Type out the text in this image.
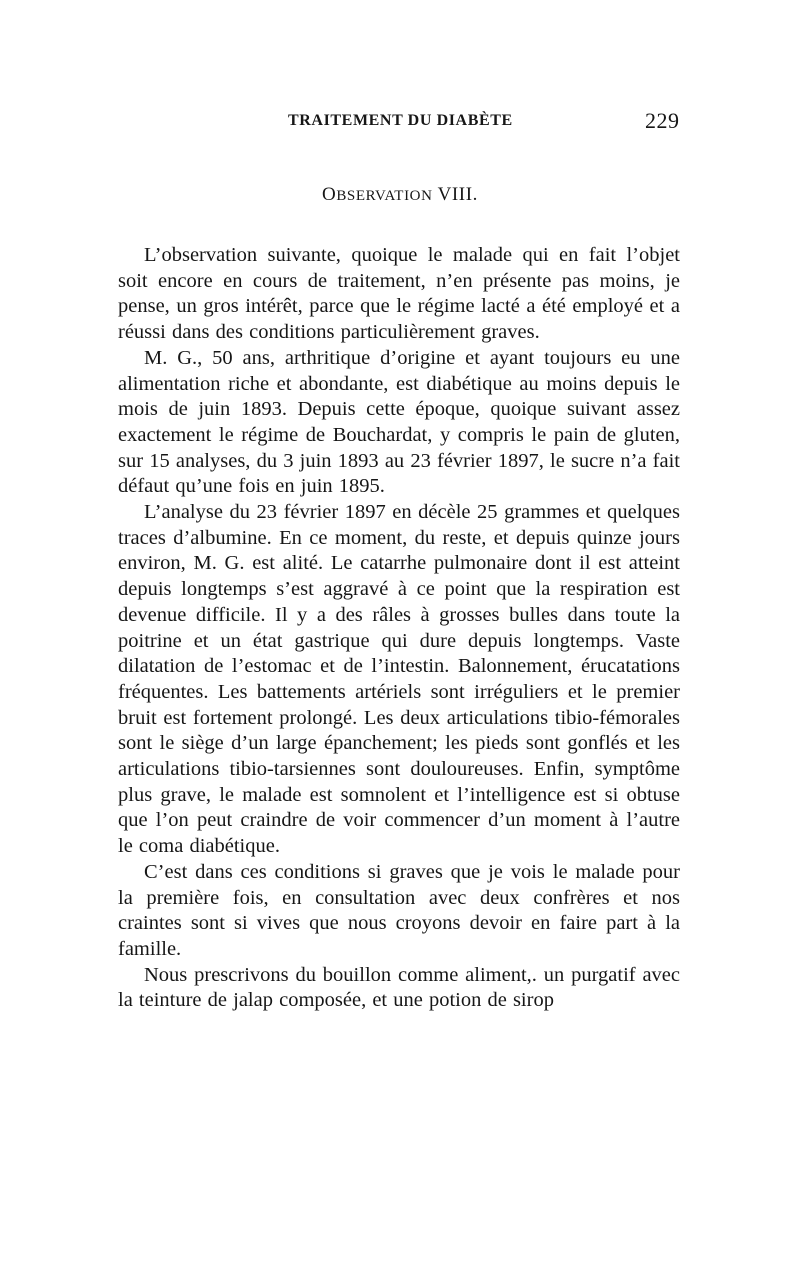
TRAITEMENT DU DIABÈTE	229
OBSERVATION VIII.

L’observation suivante, quoique le malade qui en fait l’objet soit encore en cours de traitement, n’en présente pas moins, je pense, un gros intérêt, parce que le régime lacté a été employé et a réussi dans des conditions particulièrement graves.

M. G., 50 ans, arthritique d’origine et ayant toujours eu une alimentation riche et abondante, est diabétique au moins depuis le mois de juin 1893. Depuis cette époque, quoique suivant assez exactement le régime de Bouchardat, y compris le pain de gluten, sur 15 analyses, du 3 juin 1893 au 23 février 1897, le sucre n’a fait défaut qu’une fois en juin 1895.

L’analyse du 23 février 1897 en décèle 25 grammes et quelques traces d’albumine. En ce moment, du reste, et depuis quinze jours environ, M. G. est alité. Le catarrhe pulmonaire dont il est atteint depuis longtemps s’est aggravé à ce point que la respiration est devenue difficile. Il y a des râles à grosses bulles dans toute la poitrine et un état gastrique qui dure depuis longtemps. Vaste dilatation de l’estomac et de l’intestin. Balonnement, érucatations fréquentes. Les battements artériels sont irréguliers et le premier bruit est fortement prolongé. Les deux articulations tibio-fémorales sont le siège d’un large épanchement; les pieds sont gonflés et les articulations tibio-tarsiennes sont douloureuses. Enfin, symptôme plus grave, le malade est somnolent et l’intelligence est si obtuse que l’on peut craindre de voir commencer d’un moment à l’autre le coma diabétique.

C’est dans ces conditions si graves que je vois le malade pour la première fois, en consultation avec deux confrères et nos craintes sont si vives que nous croyons devoir en faire part à la famille.

Nous prescrivons du bouillon comme aliment,. un purgatif avec la teinture de jalap composée, et une potion de sirop
